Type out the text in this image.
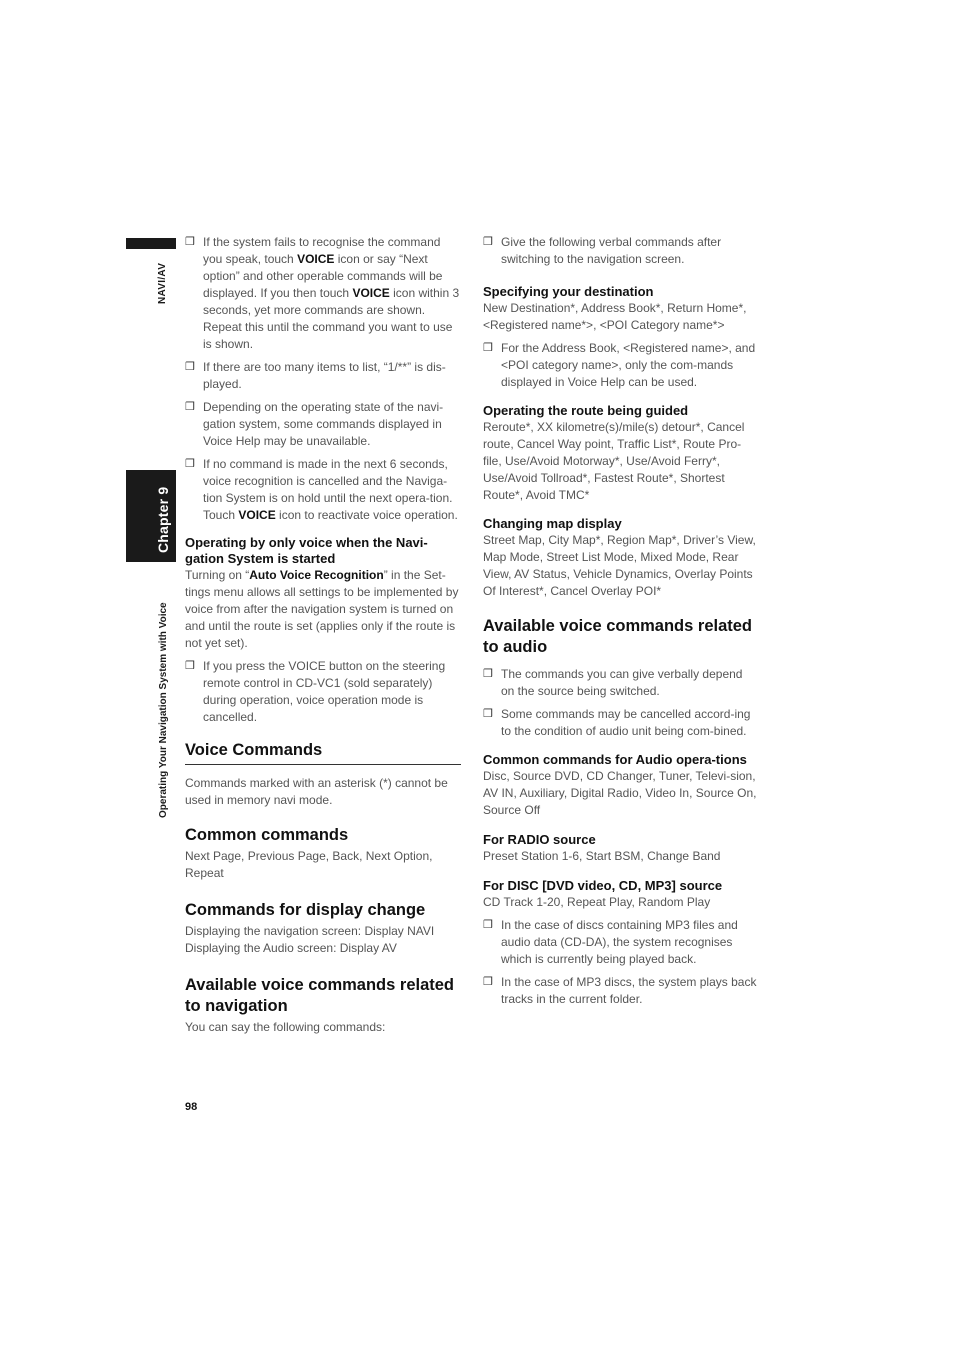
NAVI/AV
Chapter 9
Operating Your Navigation System with Voice
❒ If the system fails to recognise the command you speak, touch VOICE icon or say “Next option” and other operable commands will be displayed. If you then touch VOICE icon within 3 seconds, yet more commands are shown. Repeat this until the command you want to use is shown.
❒ If there are too many items to list, “1/**” is dis-played.
❒ Depending on the operating state of the navi-gation system, some commands displayed in Voice Help may be unavailable.
❒ If no command is made in the next 6 seconds, voice recognition is cancelled and the Naviga-tion System is on hold until the next opera-tion. Touch VOICE icon to reactivate voice operation.
Operating by only voice when the Navi-gation System is started

Turning on “Auto Voice Recognition” in the Set-tings menu allows all settings to be implemented by voice from after the navigation system is turned on and until the route is set (applies only if the route is not yet set).

❒ If you press the VOICE button on the steering remote control in CD-VC1 (sold separately) during operation, voice operation mode is cancelled.
Voice Commands

Commands marked with an asterisk (*) cannot be used in memory navi mode.

Common commands

Next Page, Previous Page, Back, Next Option, Repeat

Commands for display change

Displaying the navigation screen: Display NAVI

Displaying the Audio screen: Display AV

Available voice commands related to navigation

You can say the following commands:

❒ Give the following verbal commands after switching to the navigation screen.
Specifying your destination

New Destination*, Address Book*, Return Home*, <Registered name*>, <POI Category name*>

❒ For the Address Book, <Registered name>, and <POI category name>, only the com-mands displayed in Voice Help can be used.
Operating the route being guided

Reroute*, XX kilometre(s)/mile(s) detour*, Cancel route, Cancel Way point, Traffic List*, Route Pro-file, Use/Avoid Motorway*, Use/Avoid Ferry*, Use/Avoid Tollroad*, Fastest Route*, Shortest Route*, Avoid TMC*

Changing map display

Street Map, City Map*, Region Map*, Driver’s View, Map Mode, Street List Mode, Mixed Mode, Rear View, AV Status, Vehicle Dynamics, Overlay Points Of Interest*, Cancel Overlay POI*

Available voice commands related to audio
❒ The commands you can give verbally depend on the source being switched.
❒ Some commands may be cancelled accord-ing to the condition of audio unit being com-bined.
Common commands for Audio opera-tions

Disc, Source DVD, CD Changer, Tuner, Televi-sion, AV IN, Auxiliary, Digital Radio, Video In, Source On, Source Off

For RADIO source

Preset Station 1-6, Start BSM, Change Band

For DISC [DVD video, CD, MP3] source

CD Track 1-20, Repeat Play, Random Play

❒ In the case of discs containing MP3 files and audio data (CD-DA), the system recognises which is currently being played back.
❒ In the case of MP3 discs, the system plays back tracks in the current folder.
98
